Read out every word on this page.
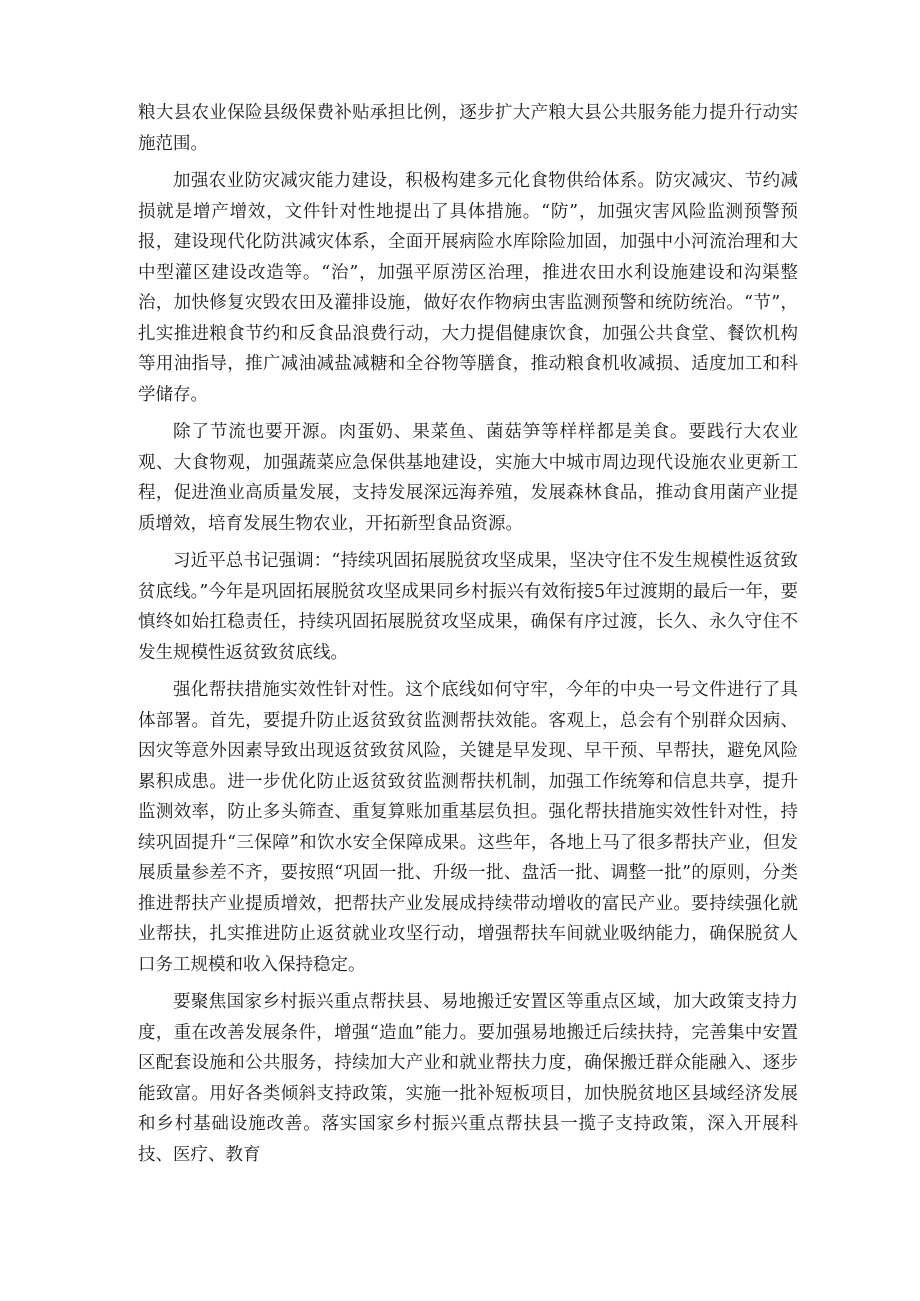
粮大县农业保险县级保费补贴承担比例，逐步扩大产粮大县公共服务能力提升行动实施范围。

加强农业防灾减灾能力建设，积极构建多元化食物供给体系。防灾减灾、节约减损就是增产增效，文件针对性地提出了具体措施。“防”，加强灾害风险监测预警预报，建设现代化防洪减灾体系，全面开展病险水库除险加固，加强中小河流治理和大中型灌区建设改造等。“治”，加强平原涝区治理，推进农田水利设施建设和沟渠整治，加快修复灾毁农田及灌排设施，做好农作物病虫害监测预警和统防统治。“节”，扎实推进粮食节约和反食品浪费行动，大力提倡健康饮食，加强公共食堂、餐饮机构等用油指导，推广减油减盐减糖和全谷物等膳食，推动粮食机收减损、适度加工和科学储存。

除了节流也要开源。肉蛋奶、果菜鱼、菌菇笋等样样都是美食。要践行大农业观、大食物观，加强蔬菜应急保供基地建设，实施大中城市周边现代设施农业更新工程，促进渔业高质量发展，支持发展深远海养殖，发展森林食品，推动食用菌产业提质增效，培育发展生物农业，开拓新型食品资源。

习近平总书记强调：“持续巩固拓展脱贫攻坚成果，坚决守住不发生规模性返贫致贫底线。”今年是巩固拓展脱贫攻坚成果同乡村振兴有效衔接5年过渡期的最后一年，要慎终如始扛稳责任，持续巩固拓展脱贫攻坚成果，确保有序过渡，长久、永久守住不发生规模性返贫致贫底线。

强化帮扶措施实效性针对性。这个底线如何守牢，今年的中央一号文件进行了具体部署。首先，要提升防止返贫致贫监测帮扶效能。客观上，总会有个别群众因病、因灾等意外因素导致出现返贫致贫风险，关键是早发现、早干预、早帮扶，避免风险累积成患。进一步优化防止返贫致贫监测帮扶机制，加强工作统筹和信息共享，提升监测效率，防止多头筛查、重复算账加重基层负担。强化帮扶措施实效性针对性，持续巩固提升“三保障”和饮水安全保障成果。这些年，各地上马了很多帮扶产业，但发展质量参差不齐，要按照“巩固一批、升级一批、盘活一批、调整一批”的原则，分类推进帮扶产业提质增效，把帮扶产业发展成持续带动增收的富民产业。要持续强化就业帮扶，扎实推进防止返贫就业攻坚行动，增强帮扶车间就业吸纳能力，确保脱贫人口务工规模和收入保持稳定。

要聚焦国家乡村振兴重点帮扶县、易地搬迁安置区等重点区域，加大政策支持力度，重在改善发展条件，增强“造血”能力。要加强易地搬迁后续扶持，完善集中安置区配套设施和公共服务，持续加大产业和就业帮扶力度，确保搬迁群众能融入、逐步能致富。用好各类倾斜支持政策，实施一批补短板项目，加快脱贫地区县域经济发展和乡村基础设施改善。落实国家乡村振兴重点帮扶县一揽子支持政策，深入开展科技、医疗、教育
